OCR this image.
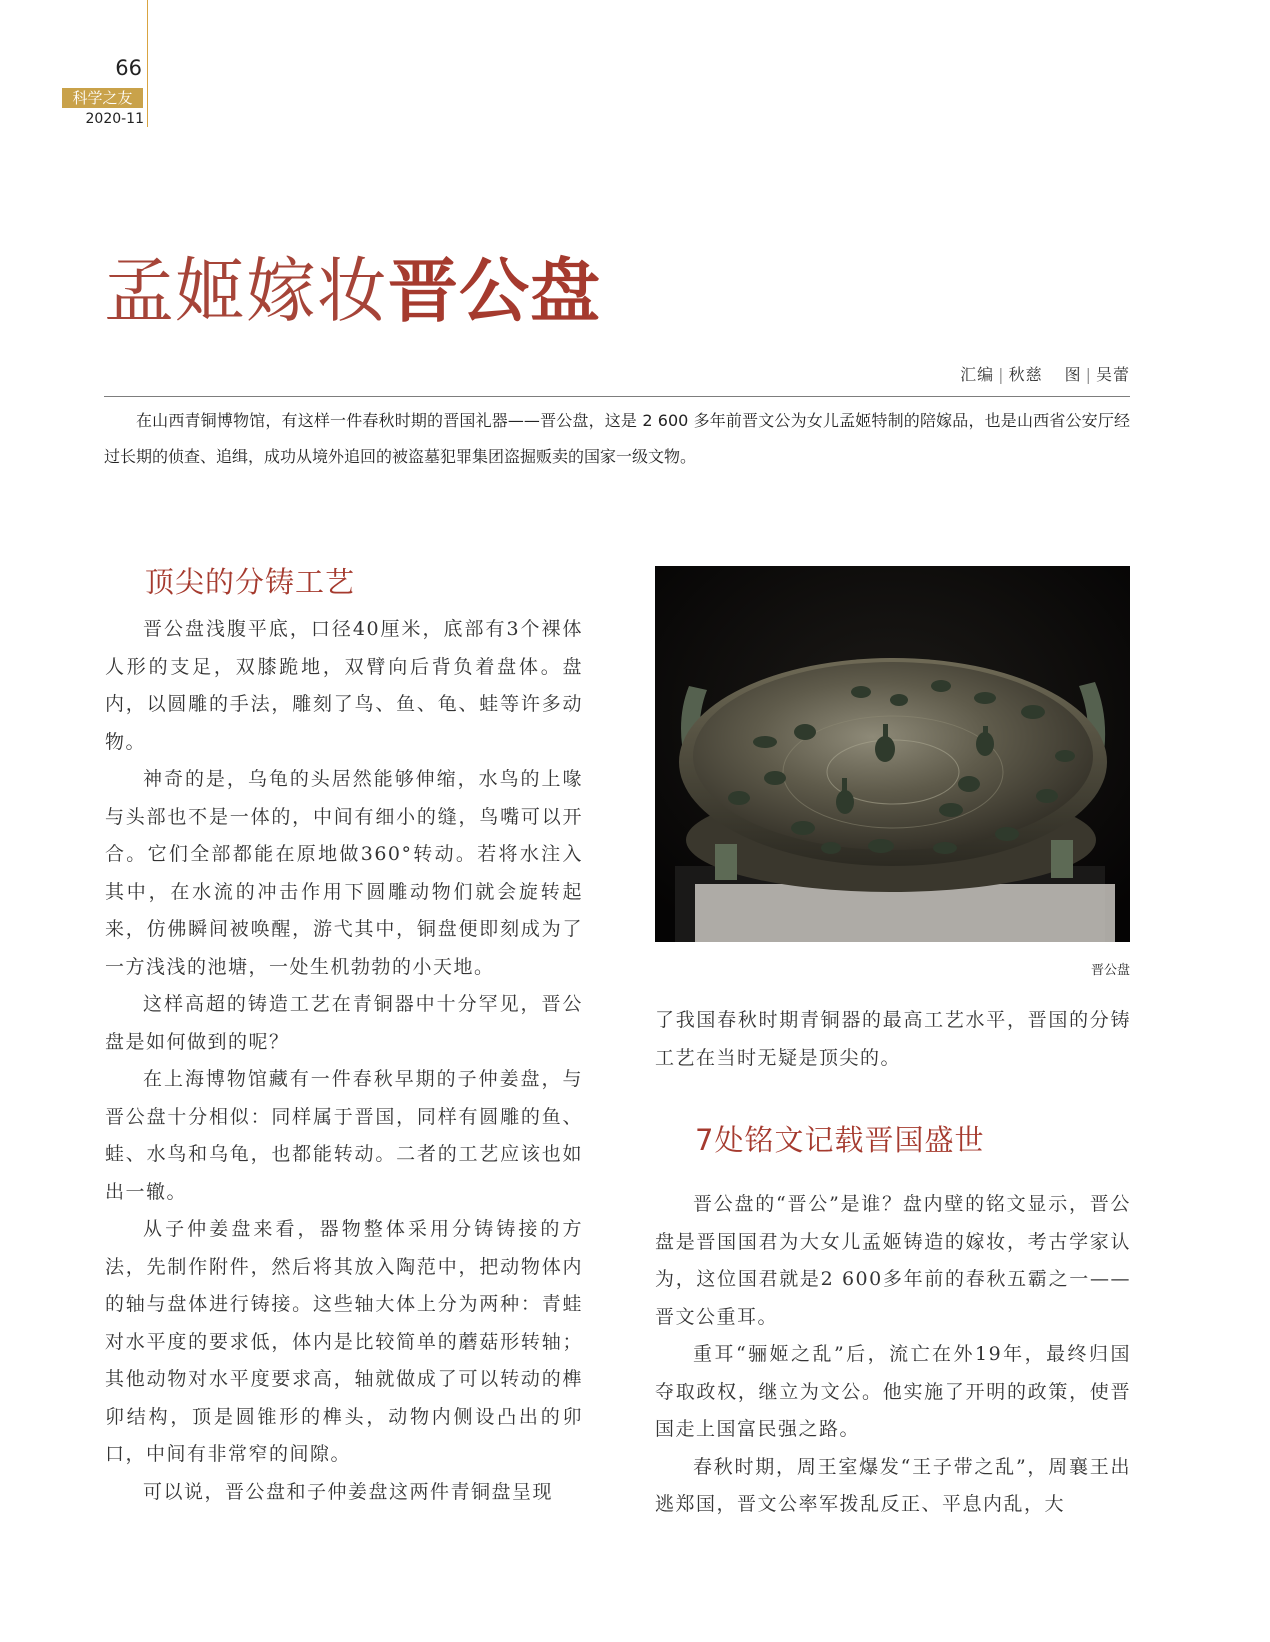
66
科学之友
2020-11
孟姬嫁妆晋公盘
汇编 | 秋慈 图 | 吴蕾

在山西青铜博物馆，有这样一件春秋时期的晋国礼器——晋公盘，这是 2 600 多年前晋文公为女儿孟姬特制的陪嫁品，也是山西省公安厅经过长期的侦查、追缉，成功从境外追回的被盗墓犯罪集团盗掘贩卖的国家一级文物。

顶尖的分铸工艺

晋公盘浅腹平底，口径40厘米，底部有3个裸体人形的支足，双膝跪地，双臂向后背负着盘体。盘内，以圆雕的手法，雕刻了鸟、鱼、龟、蛙等许多动物。

神奇的是，乌龟的头居然能够伸缩，水鸟的上喙与头部也不是一体的，中间有细小的缝，鸟嘴可以开合。它们全部都能在原地做360°转动。若将水注入其中，在水流的冲击作用下圆雕动物们就会旋转起来，仿佛瞬间被唤醒，游弋其中，铜盘便即刻成为了一方浅浅的池塘，一处生机勃勃的小天地。

这样高超的铸造工艺在青铜器中十分罕见，晋公盘是如何做到的呢？

在上海博物馆藏有一件春秋早期的子仲姜盘，与晋公盘十分相似：同样属于晋国，同样有圆雕的鱼、蛙、水鸟和乌龟，也都能转动。二者的工艺应该也如出一辙。

从子仲姜盘来看，器物整体采用分铸铸接的方法，先制作附件，然后将其放入陶范中，把动物体内的轴与盘体进行铸接。这些轴大体上分为两种：青蛙对水平度的要求低，体内是比较简单的蘑菇形转轴；其他动物对水平度要求高，轴就做成了可以转动的榫卯结构，顶是圆锥形的榫头，动物内侧设凸出的卯口，中间有非常窄的间隙。

可以说，晋公盘和子仲姜盘这两件青铜盘呈现

晋公盘

了我国春秋时期青铜器的最高工艺水平，晋国的分铸工艺在当时无疑是顶尖的。

7处铭文记载晋国盛世

晋公盘的“晋公”是谁？盘内壁的铭文显示，晋公盘是晋国国君为大女儿孟姬铸造的嫁妆，考古学家认为，这位国君就是2 600多年前的春秋五霸之一——晋文公重耳。

重耳“骊姬之乱”后，流亡在外19年，最终归国夺取政权，继立为文公。他实施了开明的政策，使晋国走上国富民强之路。

春秋时期，周王室爆发“王子带之乱”，周襄王出逃郑国，晋文公率军拨乱反正、平息内乱，大
